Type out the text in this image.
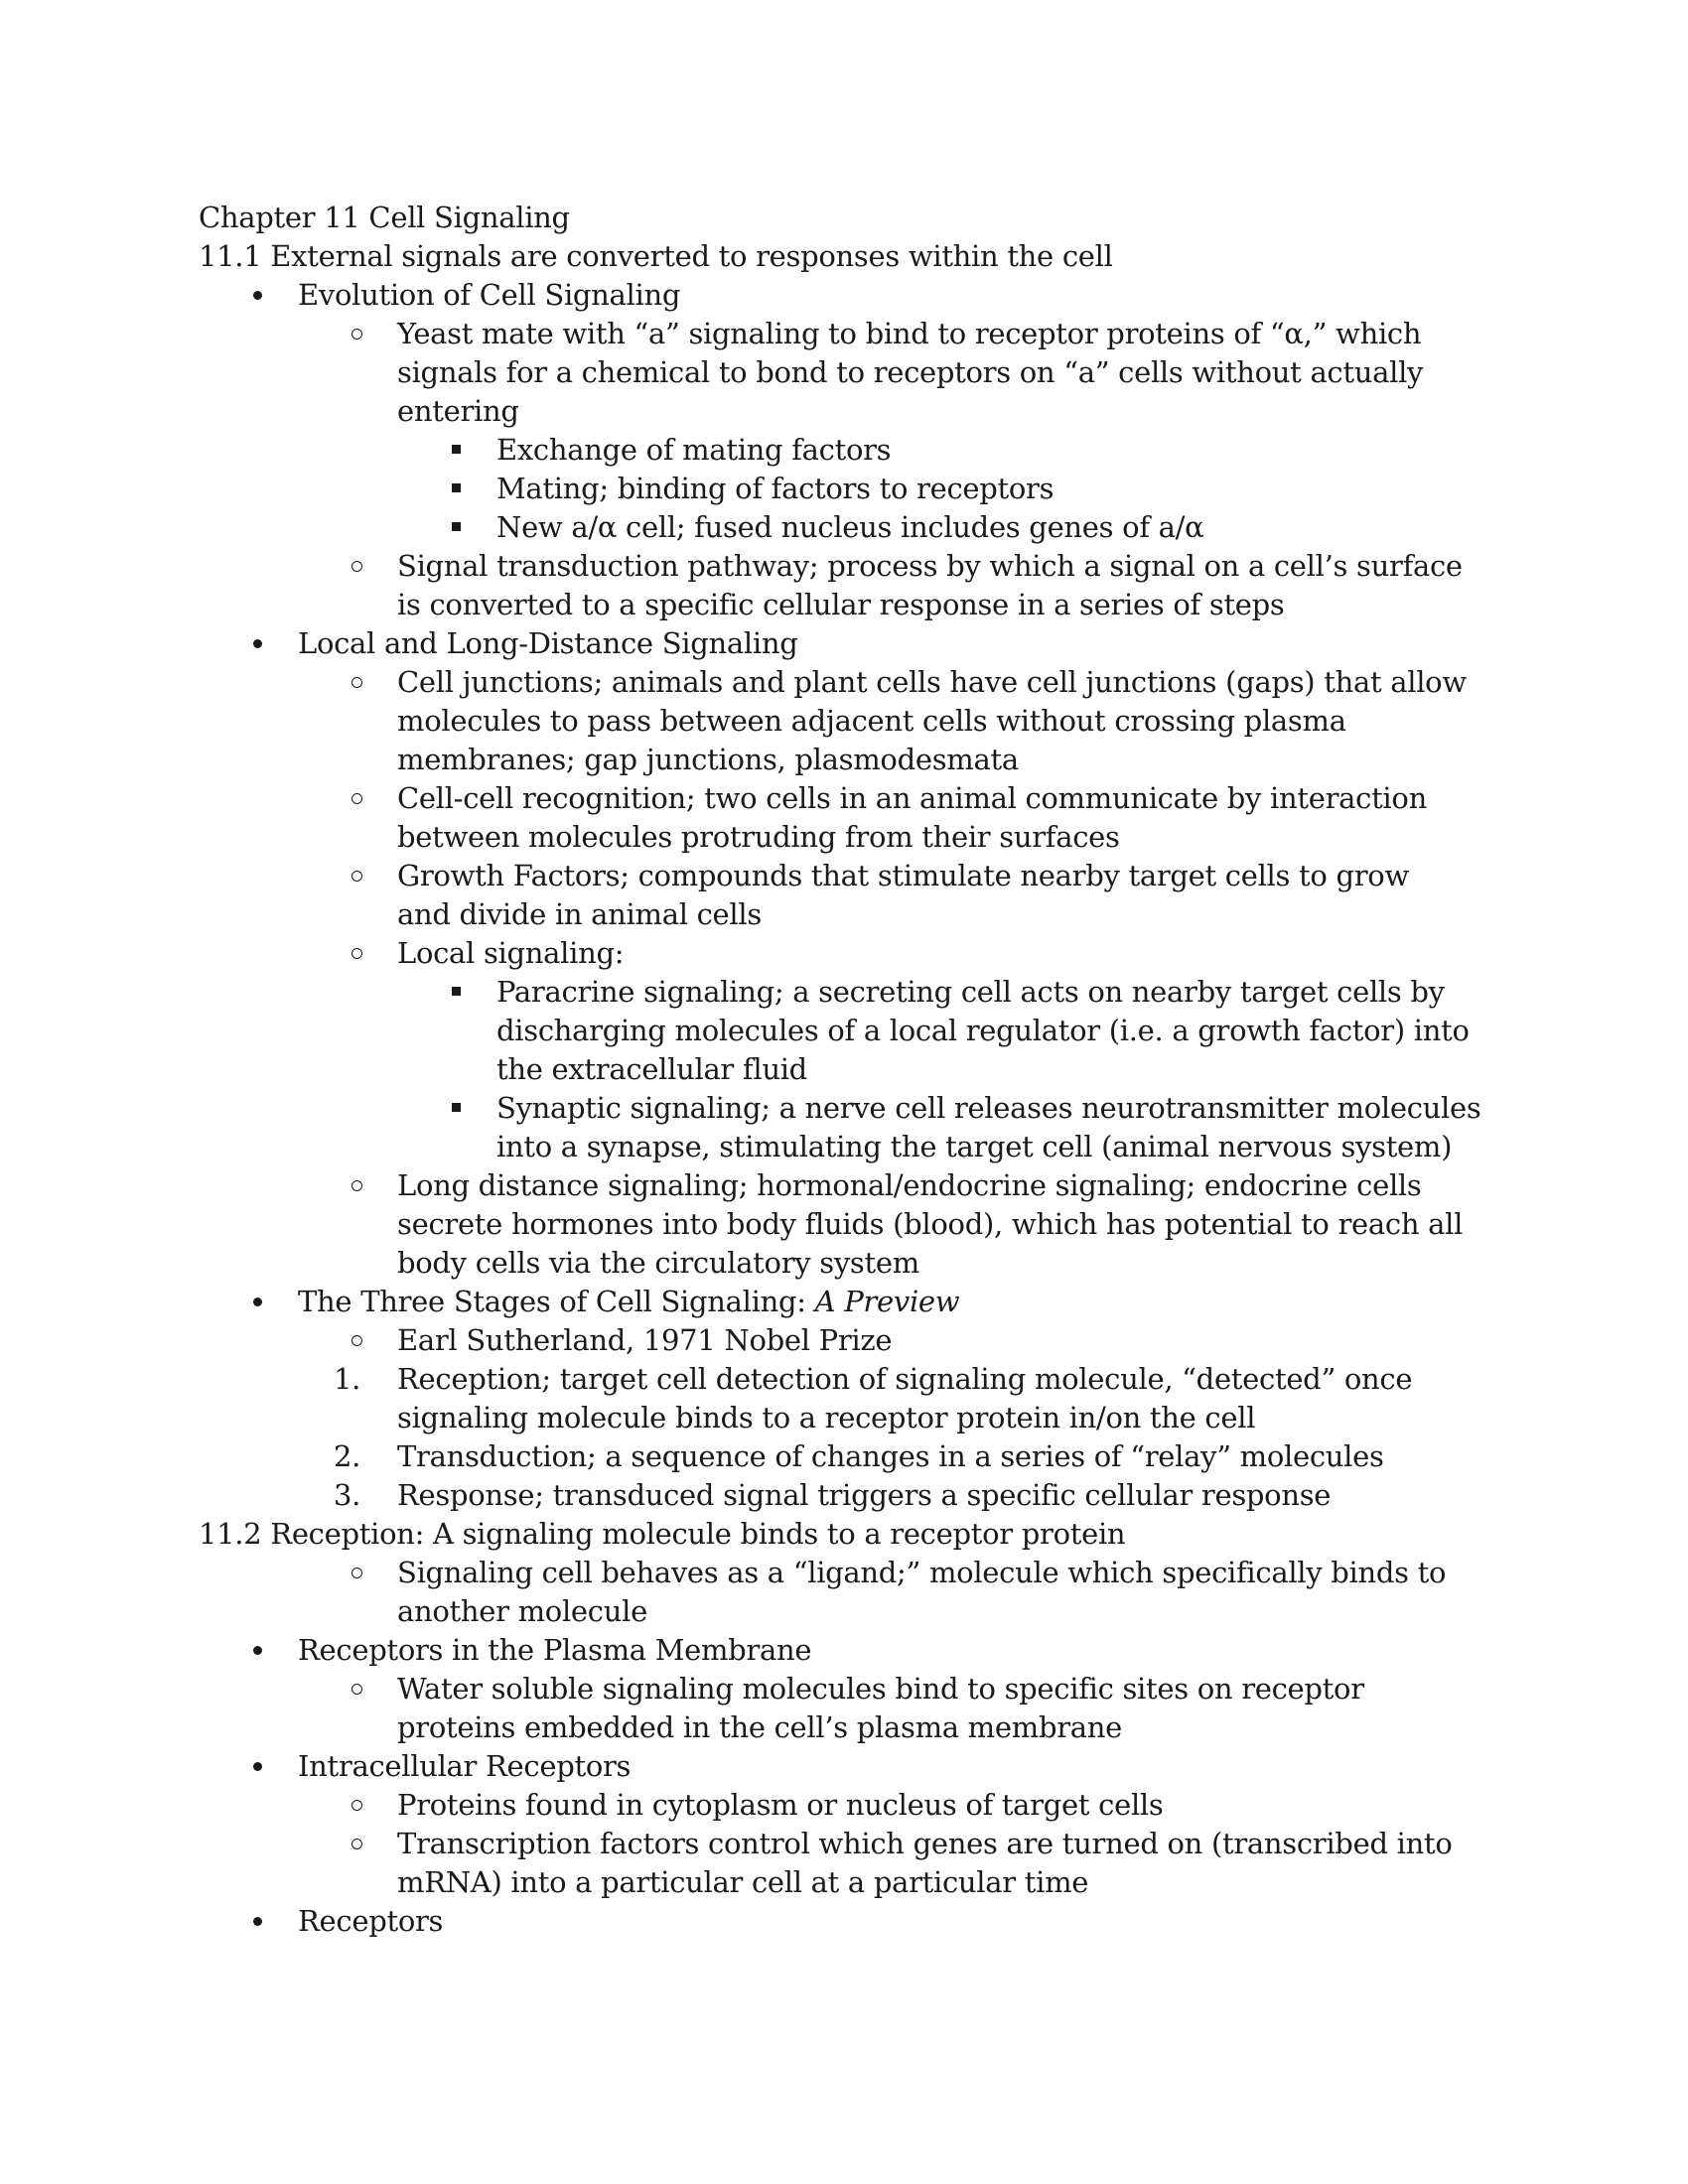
Chapter 11 Cell Signaling
11.1 External signals are converted to responses within the cell
Evolution of Cell Signaling
Yeast mate with “a” signaling to bind to receptor proteins of “α,” which signals for a chemical to bond to receptors on “a” cells without actually entering
Exchange of mating factors
Mating; binding of factors to receptors
New a/α cell; fused nucleus includes genes of a/α
Signal transduction pathway; process by which a signal on a cell’s surface is converted to a specific cellular response in a series of steps
Local and Long-Distance Signaling
Cell junctions; animals and plant cells have cell junctions (gaps) that allow molecules to pass between adjacent cells without crossing plasma membranes; gap junctions, plasmodesmata
Cell-cell recognition; two cells in an animal communicate by interaction between molecules protruding from their surfaces
Growth Factors; compounds that stimulate nearby target cells to grow and divide in animal cells
Local signaling:
Paracrine signaling; a secreting cell acts on nearby target cells by discharging molecules of a local regulator (i.e. a growth factor) into the extracellular fluid
Synaptic signaling; a nerve cell releases neurotransmitter molecules into a synapse, stimulating the target cell (animal nervous system)
Long distance signaling; hormonal/endocrine signaling; endocrine cells secrete hormones into body fluids (blood), which has potential to reach all body cells via the circulatory system
The Three Stages of Cell Signaling: A Preview
Earl Sutherland, 1971 Nobel Prize
1.	Reception; target cell detection of signaling molecule, “detected” once signaling molecule binds to a receptor protein in/on the cell
2.	Transduction; a sequence of changes in a series of “relay” molecules
3.	Response; transduced signal triggers a specific cellular response
11.2 Reception: A signaling molecule binds to a receptor protein
Signaling cell behaves as a “ligand;” molecule which specifically binds to another molecule
Receptors in the Plasma Membrane
Water soluble signaling molecules bind to specific sites on receptor proteins embedded in the cell’s plasma membrane
Intracellular Receptors
Proteins found in cytoplasm or nucleus of target cells
Transcription factors control which genes are turned on (transcribed into mRNA) into a particular cell at a particular time
Receptors
